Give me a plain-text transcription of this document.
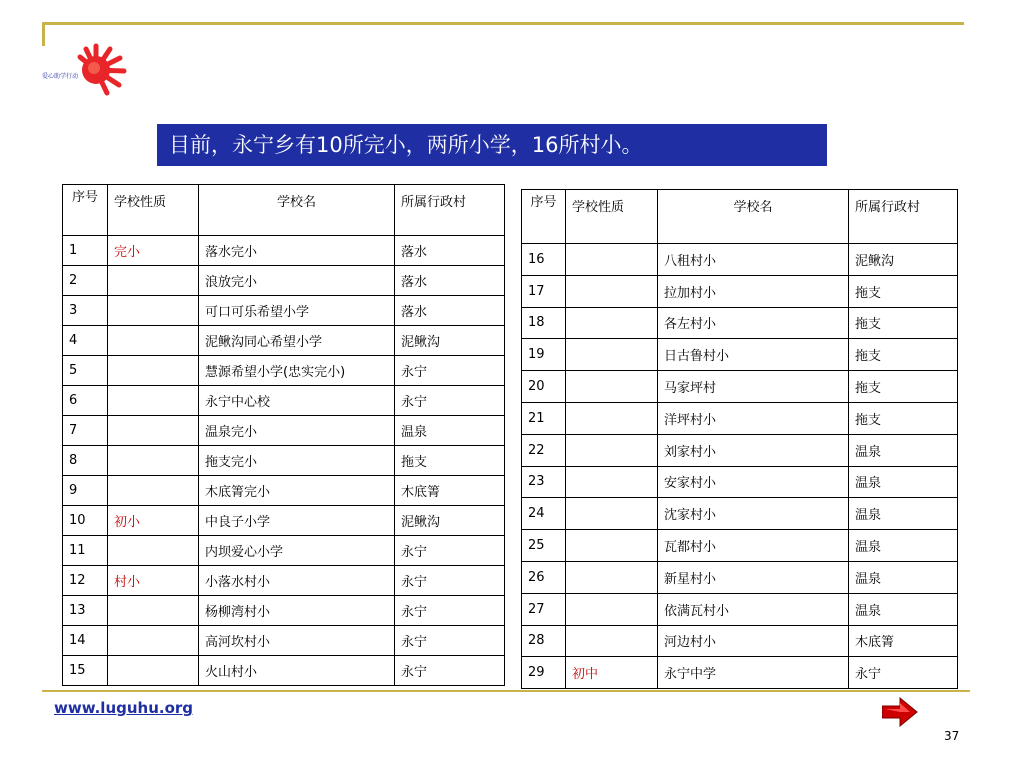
爱心助学行动
目前，永宁乡有10所完小，两所小学，16所村小。
序号	学校性质	学校名	所属行政村
1	完小	落水完小	落水
2		浪放完小	落水
3		可口可乐希望小学	落水
4		泥鳅沟同心希望小学	泥鳅沟
5		慧源希望小学(忠实完小)	永宁
6		永宁中心校	永宁
7		温泉完小	温泉
8		拖支完小	拖支
9		木底箐完小	木底箐
10	初小	中良子小学	泥鳅沟
11		内坝爱心小学	永宁
12	村小	小落水村小	永宁
13		杨柳湾村小	永宁
14		高河坎村小	永宁
15		火山村小	永宁
序号	学校性质	学校名	所属行政村
16		八租村小	泥鳅沟
17		拉加村小	拖支
18		各左村小	拖支
19		日古鲁村小	拖支
20		马家坪村	拖支
21		洋坪村小	拖支
22		刘家村小	温泉
23		安家村小	温泉
24		沈家村小	温泉
25		瓦都村小	温泉
26		新星村小	温泉
27		依满瓦村小	温泉
28		河边村小	木底箐
29	初中	永宁中学	永宁
www.luguhu.org
37
